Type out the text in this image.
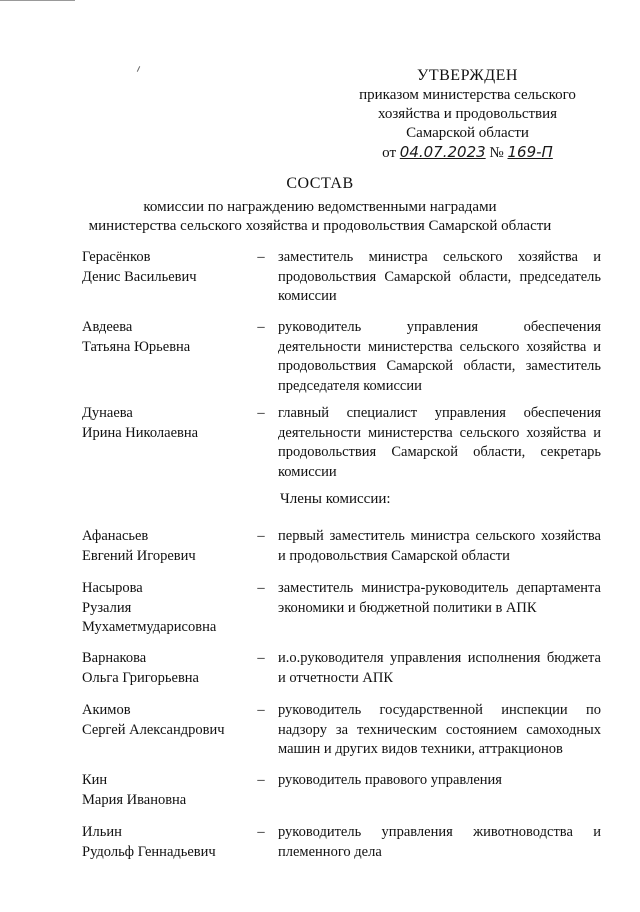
УТВЕРЖДЕН
приказом министерства сельского
хозяйства и продовольствия
Самарской области
от 04.07.2023 № 169-П
СОСТАВ
комиссии по награждению ведомственными наградами
министерства сельского хозяйства и продовольствия Самарской области
Герасёнков
Денис Васильевич
– заместитель министра сельского хозяйства и продовольствия Самарской области, председатель комиссии
Авдеева
Татьяна Юрьевна
– руководитель управления обеспечения деятельности министерства сельского хозяйства и продовольствия Самарской области, заместитель председателя комиссии
Дунаева
Ирина Николаевна
– главный специалист управления обеспечения деятельности министерства сельского хозяйства и продовольствия Самарской области, секретарь комиссии
Члены комиссии:
Афанасьев
Евгений Игоревич
– первый заместитель министра сельского хозяйства и продовольствия Самарской области
Насырова
Рузалия
Мухаметмударисовна
– заместитель министра-руководитель департамента экономики и бюджетной политики в АПК
Варнакова
Ольга Григорьевна
– и.о.руководителя управления исполнения бюджета и отчетности АПК
Акимов
Сергей Александрович
– руководитель государственной инспекции по надзору за техническим состоянием самоходных машин и других видов техники, аттракционов
Кин
Мария Ивановна
– руководитель правового управления
Ильин
Рудольф Геннадьевич
– руководитель управления животноводства и племенного дела
